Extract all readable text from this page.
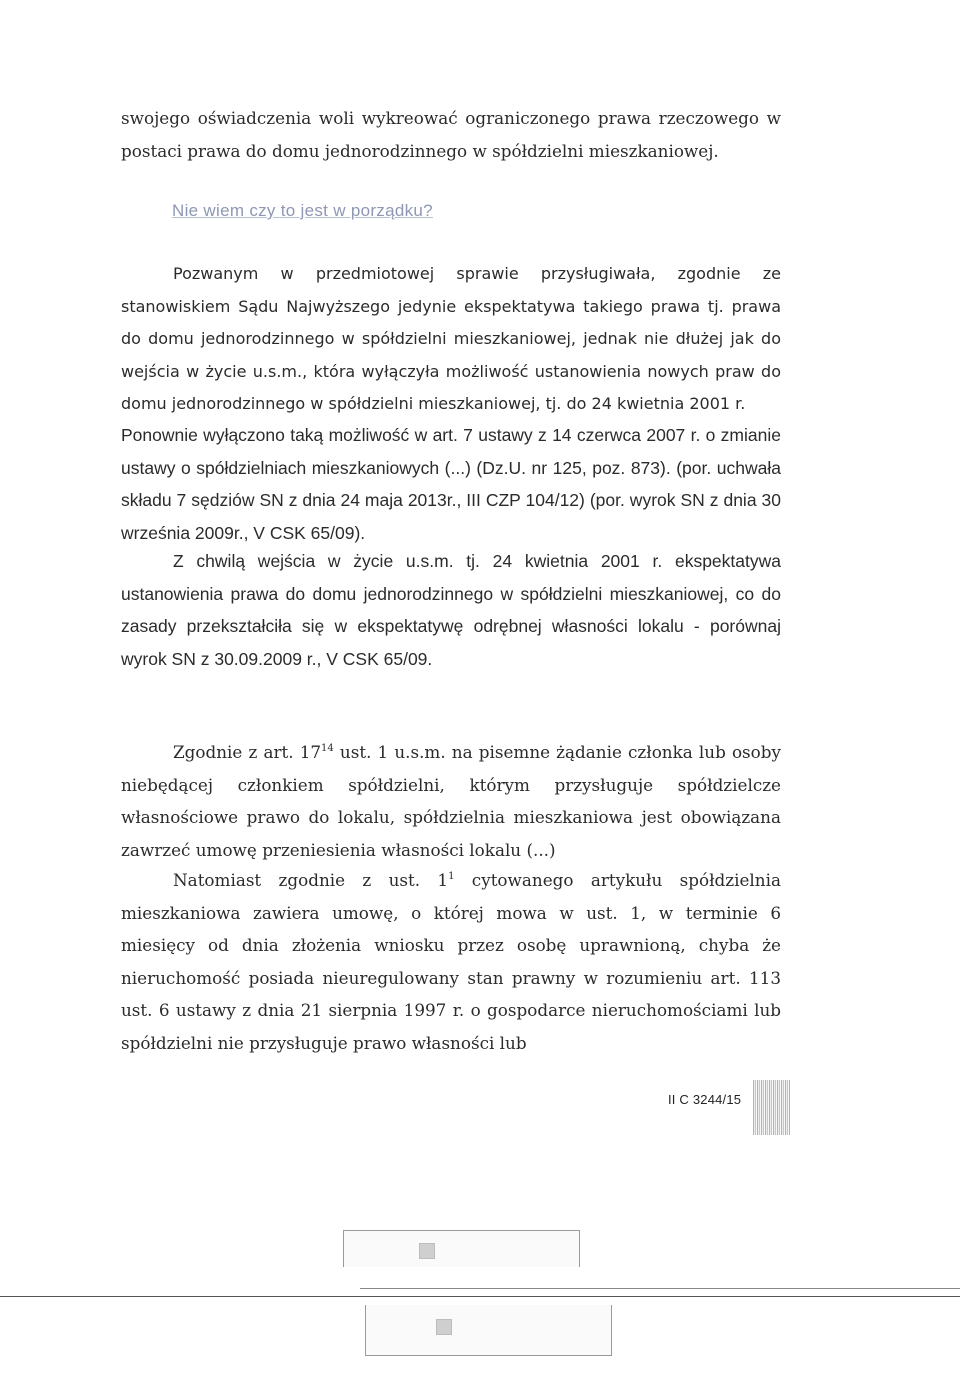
swojego oświadczenia woli wykreować ograniczonego prawa rzeczowego w postaci prawa do domu jednorodzinnego w spółdzielni mieszkaniowej.

Nie wiem czy to jest w porządku?

Pozwanym w przedmiotowej sprawie przysługiwała, zgodnie ze stanowiskiem Sądu Najwyższego jedynie ekspektatywa takiego prawa tj. prawa do domu jednorodzinnego w spółdzielni mieszkaniowej, jednak nie dłużej jak do wejścia w życie u.s.m., która wyłączyła możliwość ustanowienia nowych praw do domu jednorodzinnego w spółdzielni mieszkaniowej, tj. do 24 kwietnia 2001 r.

Ponownie wyłączono taką możliwość w art. 7 ustawy z 14 czerwca 2007 r. o zmianie ustawy o spółdzielniach mieszkaniowych (...) (Dz.U. nr 125, poz. 873). (por. uchwała składu 7 sędziów SN z dnia 24 maja 2013r., III CZP 104/12) (por. wyrok SN z dnia 30 września 2009r., V CSK 65/09).

Z chwilą wejścia w życie u.s.m. tj. 24 kwietnia 2001 r. ekspektatywa ustanowienia prawa do domu jednorodzinnego w spółdzielni mieszkaniowej, co do zasady przekształciła się w ekspektatywę odrębnej własności lokalu - porównaj wyrok SN z 30.09.2009 r., V CSK 65/09.

Zgodnie z art. $17^{14}$ ust. 1 u.s.m. na pisemne żądanie członka lub osoby niebędącej członkiem spółdzielni, którym przysługuje spółdzielcze własnościowe prawo do lokalu, spółdzielnia mieszkaniowa jest obowiązana zawrzeć umowę przeniesienia własności lokalu (...)

Natomiast zgodnie z ust. $1^1$ cytowanego artykułu spółdzielnia mieszkaniowa zawiera umowę, o której mowa w ust. 1, w terminie 6 miesięcy od dnia złożenia wniosku przez osobę uprawnioną, chyba że nieruchomość posiada nieuregulowany stan prawny w rozumieniu art. 113 ust. 6 ustawy z dnia 21 sierpnia 1997 r. o gospodarce nieruchomościami lub spółdzielni nie przysługuje prawo własności lub

II C 3244/15
